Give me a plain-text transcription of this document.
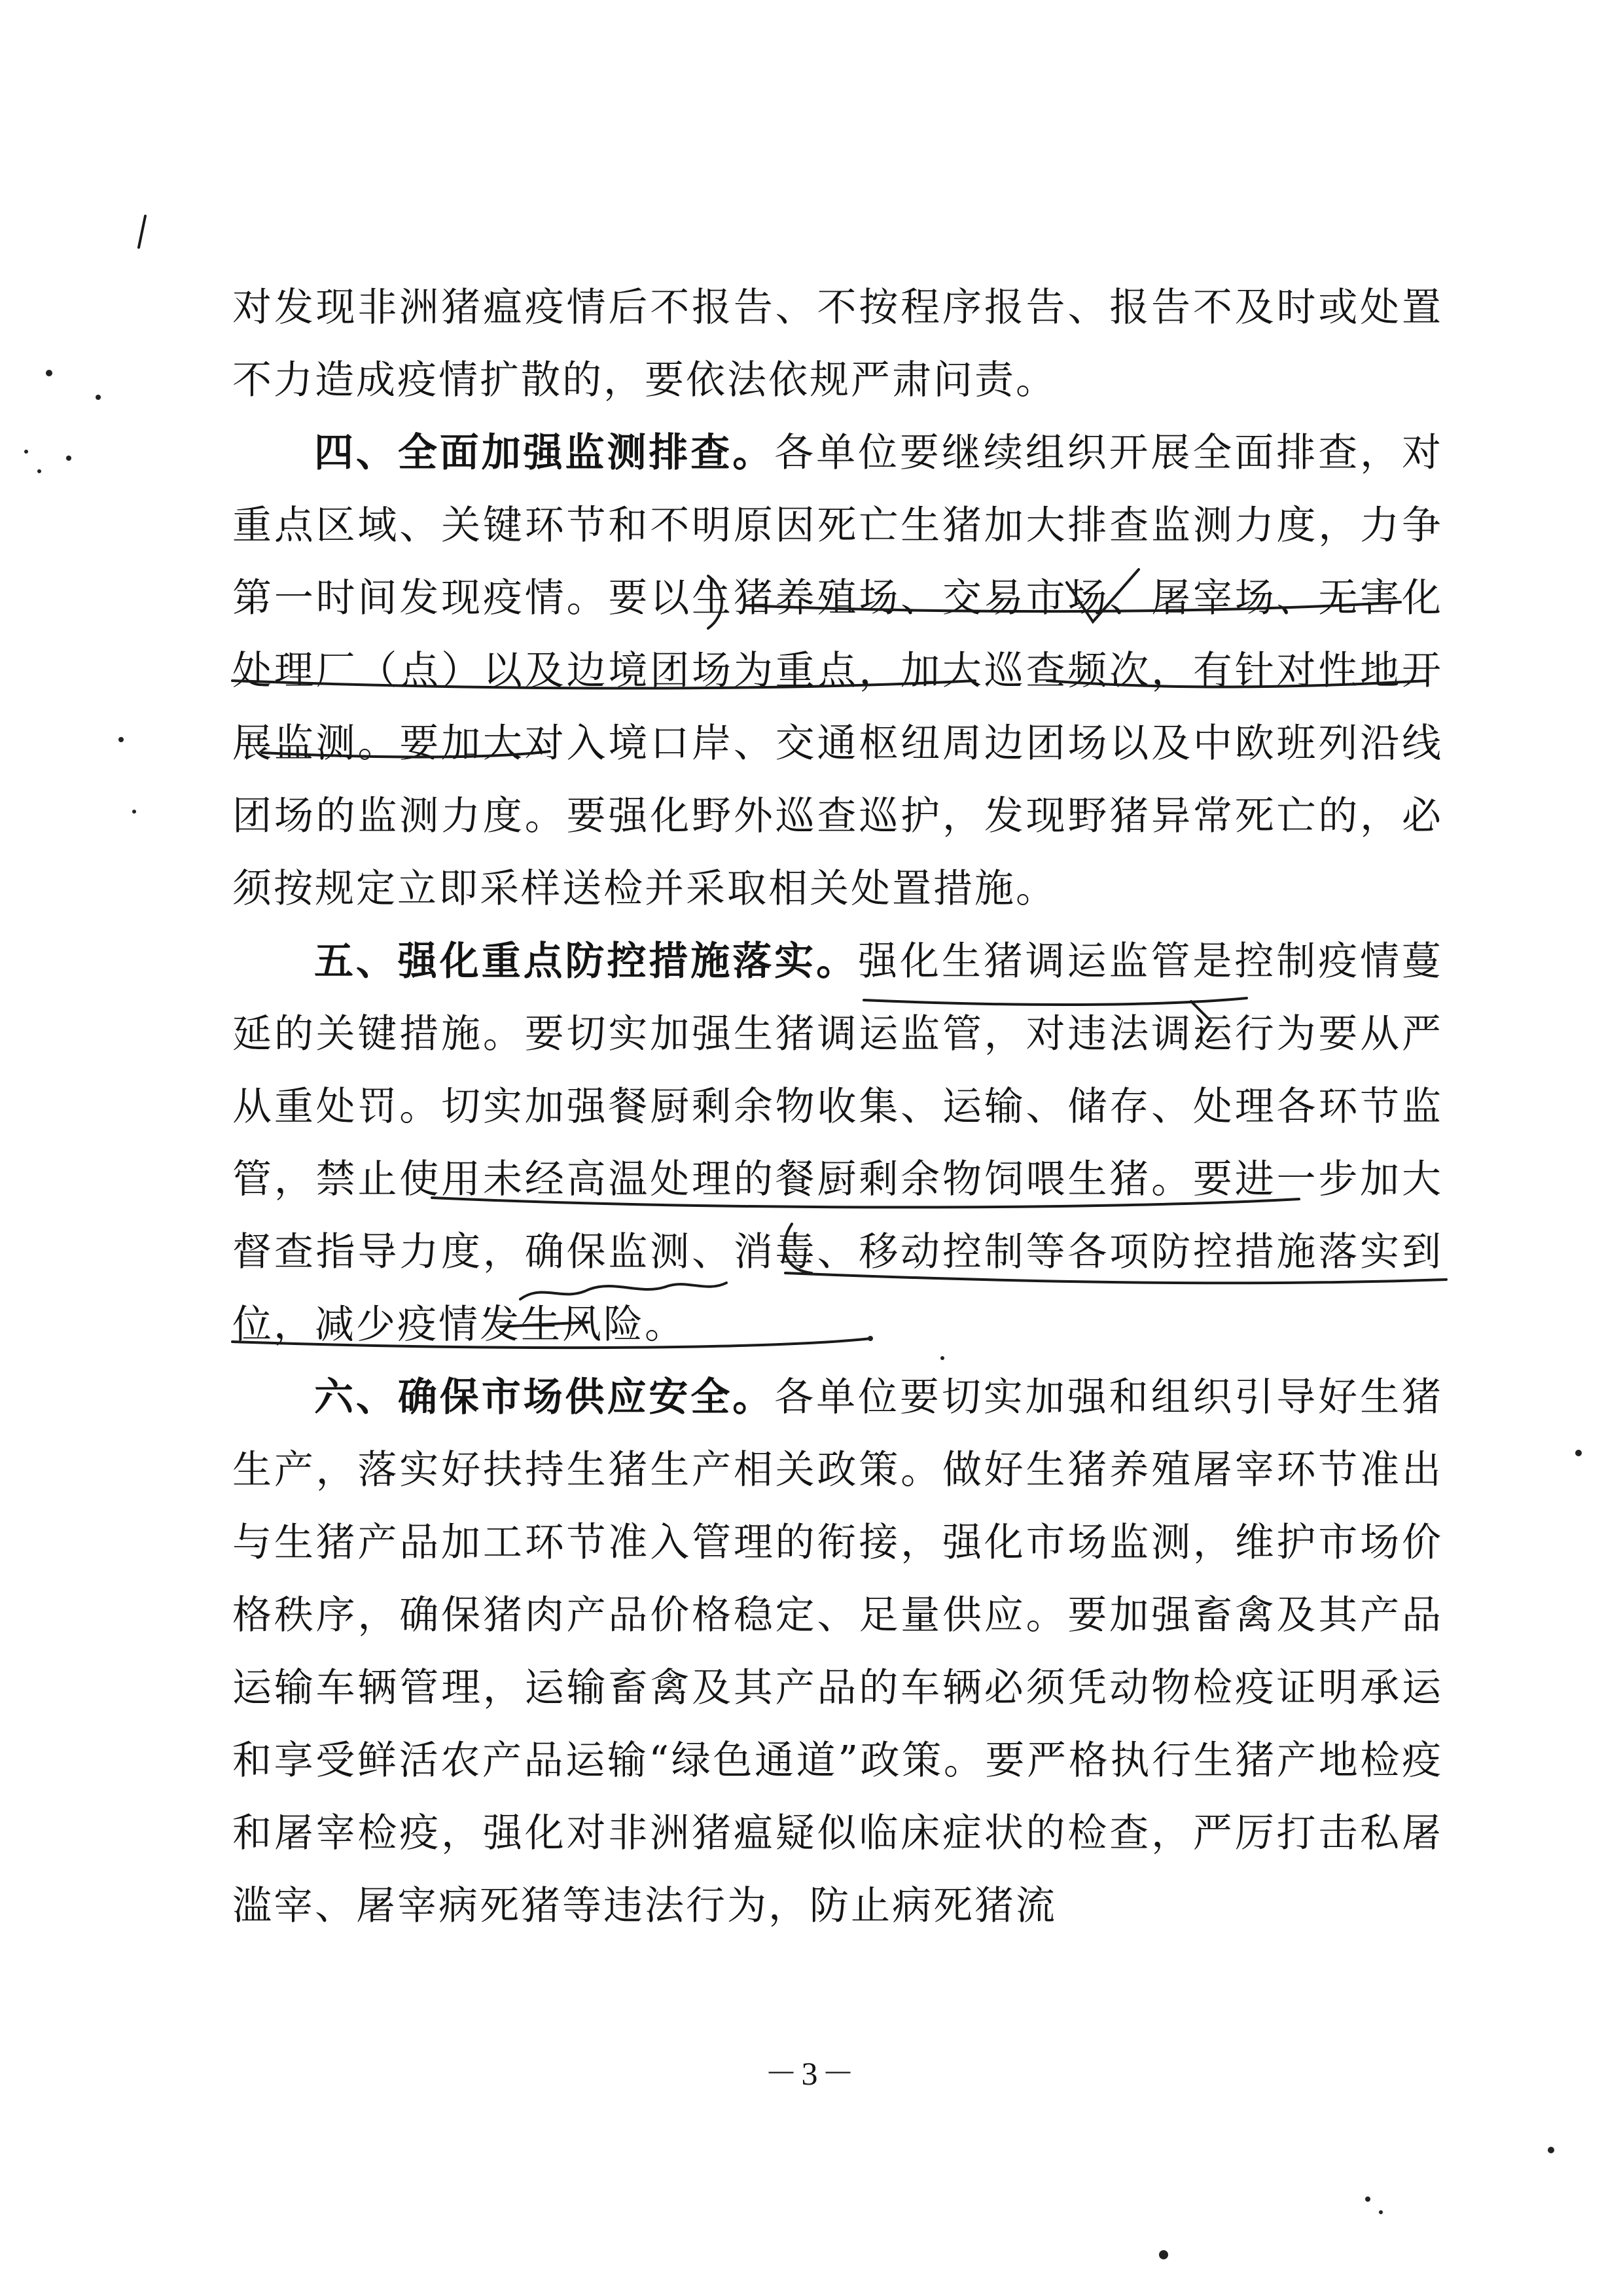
对发现非洲猪瘟疫情后不报告、不按程序报告、报告不及时或处置不力造成疫情扩散的，要依法依规严肃问责。

四、全面加强监测排查。各单位要继续组织开展全面排查，对重点区域、关键环节和不明原因死亡生猪加大排查监测力度，力争第一时间发现疫情。要以生猪养殖场、交易市场、屠宰场、无害化处理厂（点）以及边境团场为重点，加大巡查频次，有针对性地开展监测。要加大对入境口岸、交通枢纽周边团场以及中欧班列沿线团场的监测力度。要强化野外巡查巡护，发现野猪异常死亡的，必须按规定立即采样送检并采取相关处置措施。

五、强化重点防控措施落实。强化生猪调运监管是控制疫情蔓延的关键措施。要切实加强生猪调运监管，对违法调运行为要从严从重处罚。切实加强餐厨剩余物收集、运输、储存、处理各环节监管，禁止使用未经高温处理的餐厨剩余物饲喂生猪。要进一步加大督查指导力度，确保监测、消毒、移动控制等各项防控措施落实到位，减少疫情发生风险。

六、确保市场供应安全。各单位要切实加强和组织引导好生猪生产，落实好扶持生猪生产相关政策。做好生猪养殖屠宰环节准出与生猪产品加工环节准入管理的衔接，强化市场监测，维护市场价格秩序，确保猪肉产品价格稳定、足量供应。要加强畜禽及其产品运输车辆管理，运输畜禽及其产品的车辆必须凭动物检疫证明承运和享受鲜活农产品运输“绿色通道”政策。要严格执行生猪产地检疫和屠宰检疫，强化对非洲猪瘟疑似临床症状的检查，严厉打击私屠滥宰、屠宰病死猪等违法行为，防止病死猪流

－3－
